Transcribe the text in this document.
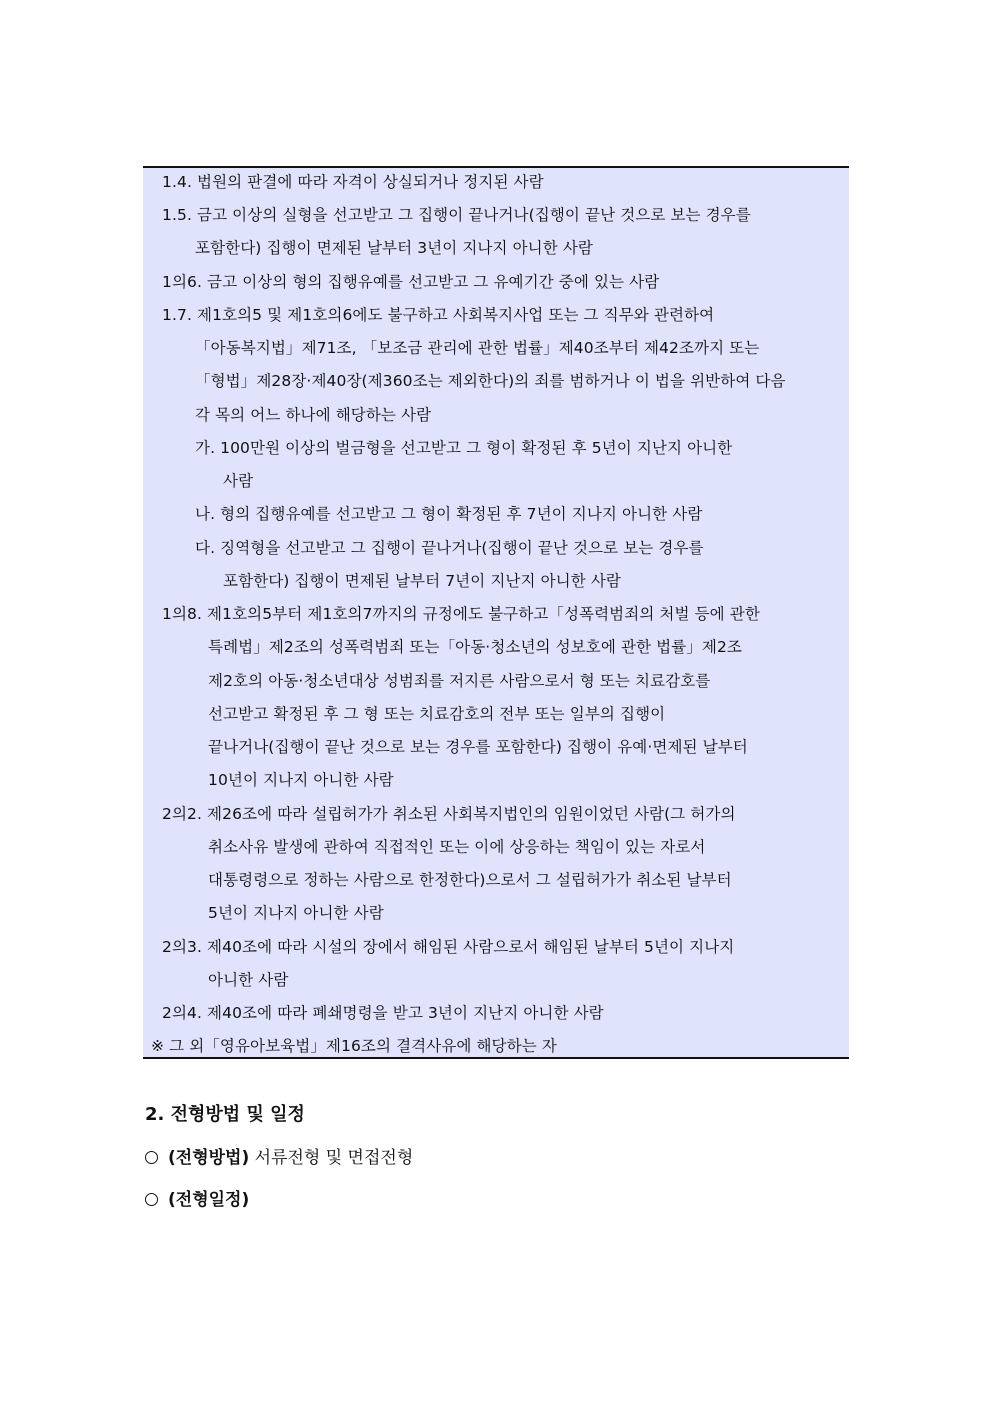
1.4. 법원의 판결에 따라 자격이 상실되거나 정지된 사람
1.5. 금고 이상의 실형을 선고받고 그 집행이 끝나거나(집행이 끝난 것으로 보는 경우를
포함한다) 집행이 면제된 날부터 3년이 지나지 아니한 사람
1의6. 금고 이상의 형의 집행유예를 선고받고 그 유예기간 중에 있는 사람
1.7. 제1호의5 및 제1호의6에도 불구하고 사회복지사업 또는 그 직무와 관련하여
「아동복지법」제71조, 「보조금 관리에 관한 법률」제40조부터 제42조까지 또는
「형법」제28장·제40장(제360조는 제외한다)의 죄를 범하거나 이 법을 위반하여 다음
각 목의 어느 하나에 해당하는 사람
가. 100만원 이상의 벌금형을 선고받고 그 형이 확정된 후 5년이 지난지 아니한
사람
나. 형의 집행유예를 선고받고 그 형이 확정된 후 7년이 지나지 아니한 사람
다. 징역형을 선고받고 그 집행이 끝나거나(집행이 끝난 것으로 보는 경우를
포함한다) 집행이 면제된 날부터 7년이 지난지 아니한 사람
1의8. 제1호의5부터 제1호의7까지의 규정에도 불구하고「성폭력범죄의 처벌 등에 관한
특례법」제2조의 성폭력범죄 또는「아동·청소년의 성보호에 관한 법률」제2조
제2호의 아동·청소년대상 성범죄를 저지른 사람으로서 형 또는 치료감호를
선고받고 확정된 후 그 형 또는 치료감호의 전부 또는 일부의 집행이
끝나거나(집행이 끝난 것으로 보는 경우를 포함한다) 집행이 유예·면제된 날부터
10년이 지나지 아니한 사람
2의2. 제26조에 따라 설립허가가 취소된 사회복지법인의 임원이었던 사람(그 허가의
취소사유 발생에 관하여 직접적인 또는 이에 상응하는 책임이 있는 자로서
대통령령으로 정하는 사람으로 한정한다)으로서 그 설립허가가 취소된 날부터
5년이 지나지 아니한 사람
2의3. 제40조에 따라 시설의 장에서 해임된 사람으로서 해임된 날부터 5년이 지나지
아니한 사람
2의4. 제40조에 따라 폐쇄명령을 받고 3년이 지난지 아니한 사람
※ 그 외「영유아보육법」제16조의 결격사유에 해당하는 자
2. 전형방법 및 일정
(전형방법) 서류전형 및 면접전형
(전형일정)
